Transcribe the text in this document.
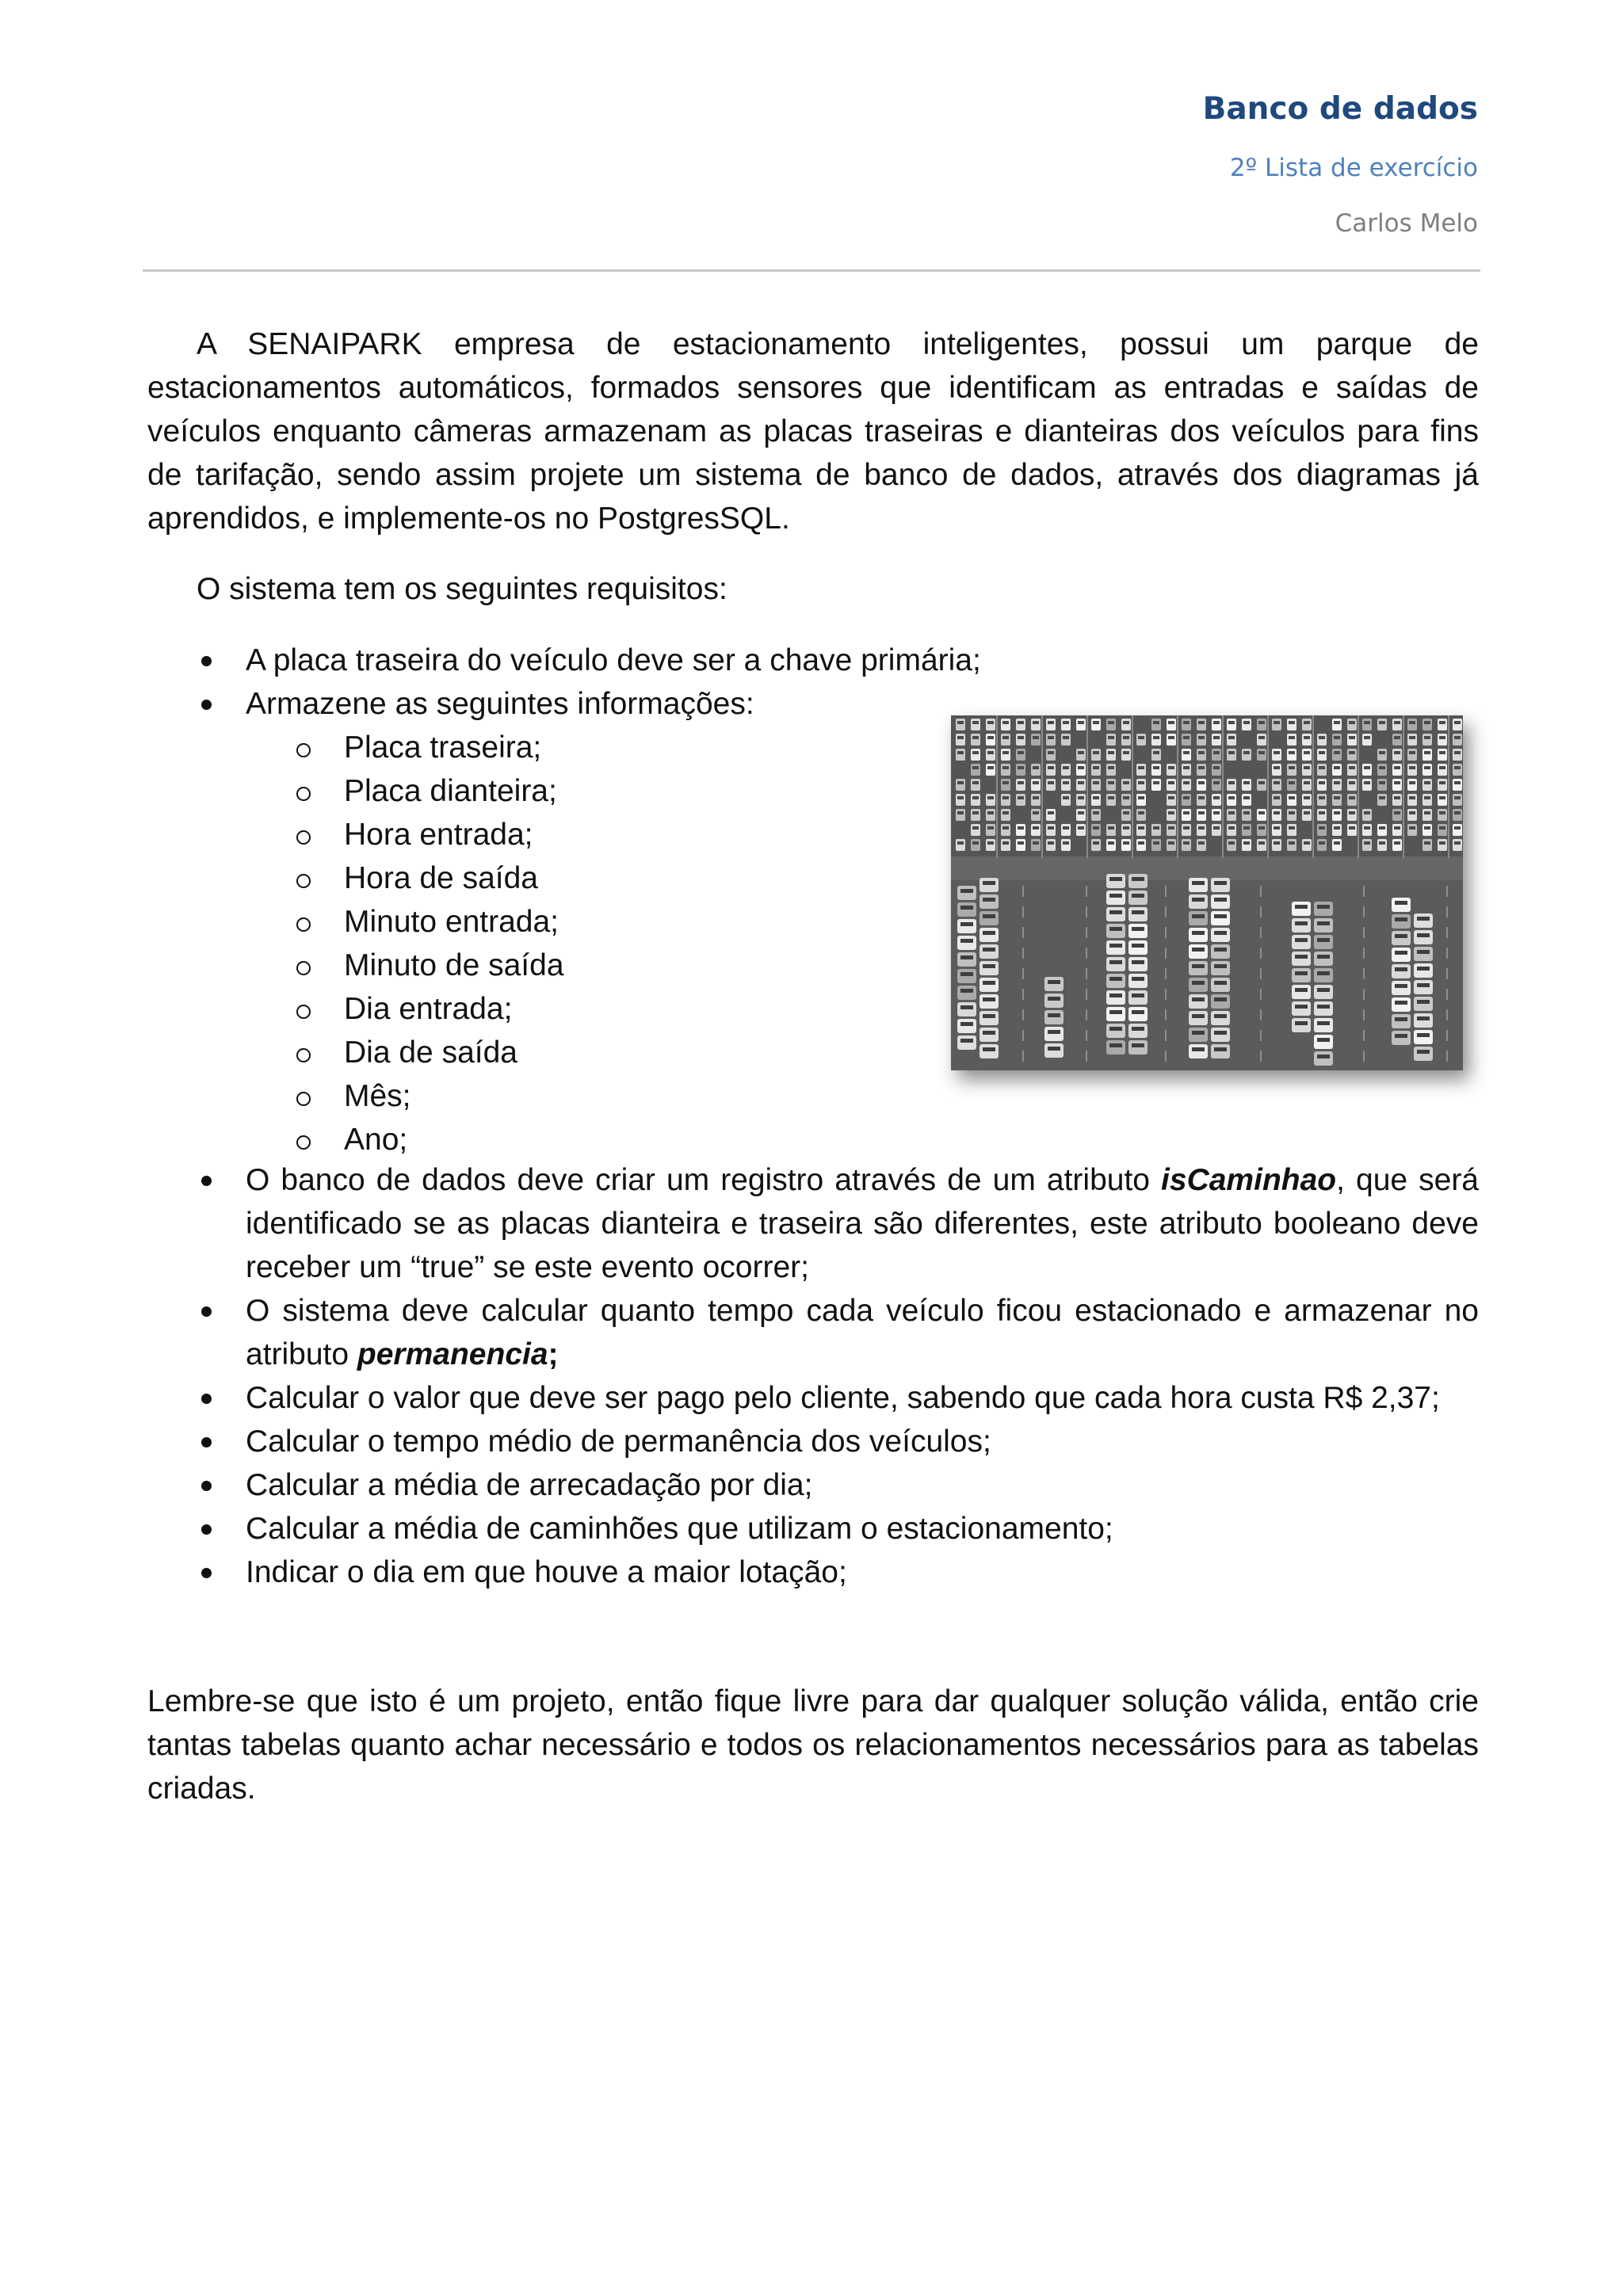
Banco de dados
2º Lista de exercício
Carlos Melo

A SENAIPARK empresa de estacionamento inteligentes, possui um parque de estacionamentos automáticos, formados sensores que identificam as entradas e saídas de veículos enquanto câmeras armazenam as placas traseiras e dianteiras dos veículos para fins de tarifação, sendo assim projete um sistema de banco de dados, através dos diagramas já aprendidos, e implemente-os no PostgresSQL.

O sistema tem os seguintes requisitos:

A placa traseira do veículo deve ser a chave primária;
Armazene as seguintes informações:
Placa traseira;
Placa dianteira;
Hora entrada;
Hora de saída
Minuto entrada;
Minuto de saída
Dia entrada;
Dia de saída
Mês;
Ano;
O banco de dados deve criar um registro através de um atributo isCaminhao, que será identificado se as placas dianteira e traseira são diferentes, este atributo booleano deve receber um “true” se este evento ocorrer;
O sistema deve calcular quanto tempo cada veículo ficou estacionado e armazenar no atributo permanencia;
Calcular o valor que deve ser pago pelo cliente, sabendo que cada hora custa R$ 2,37;
Calcular o tempo médio de permanência dos veículos;
Calcular a média de arrecadação por dia;
Calcular a média de caminhões que utilizam o estacionamento;
Indicar o dia em que houve a maior lotação;

Lembre-se que isto é um projeto, então fique livre para dar qualquer solução válida, então crie tantas tabelas quanto achar necessário e todos os relacionamentos necessários para as tabelas criadas.
